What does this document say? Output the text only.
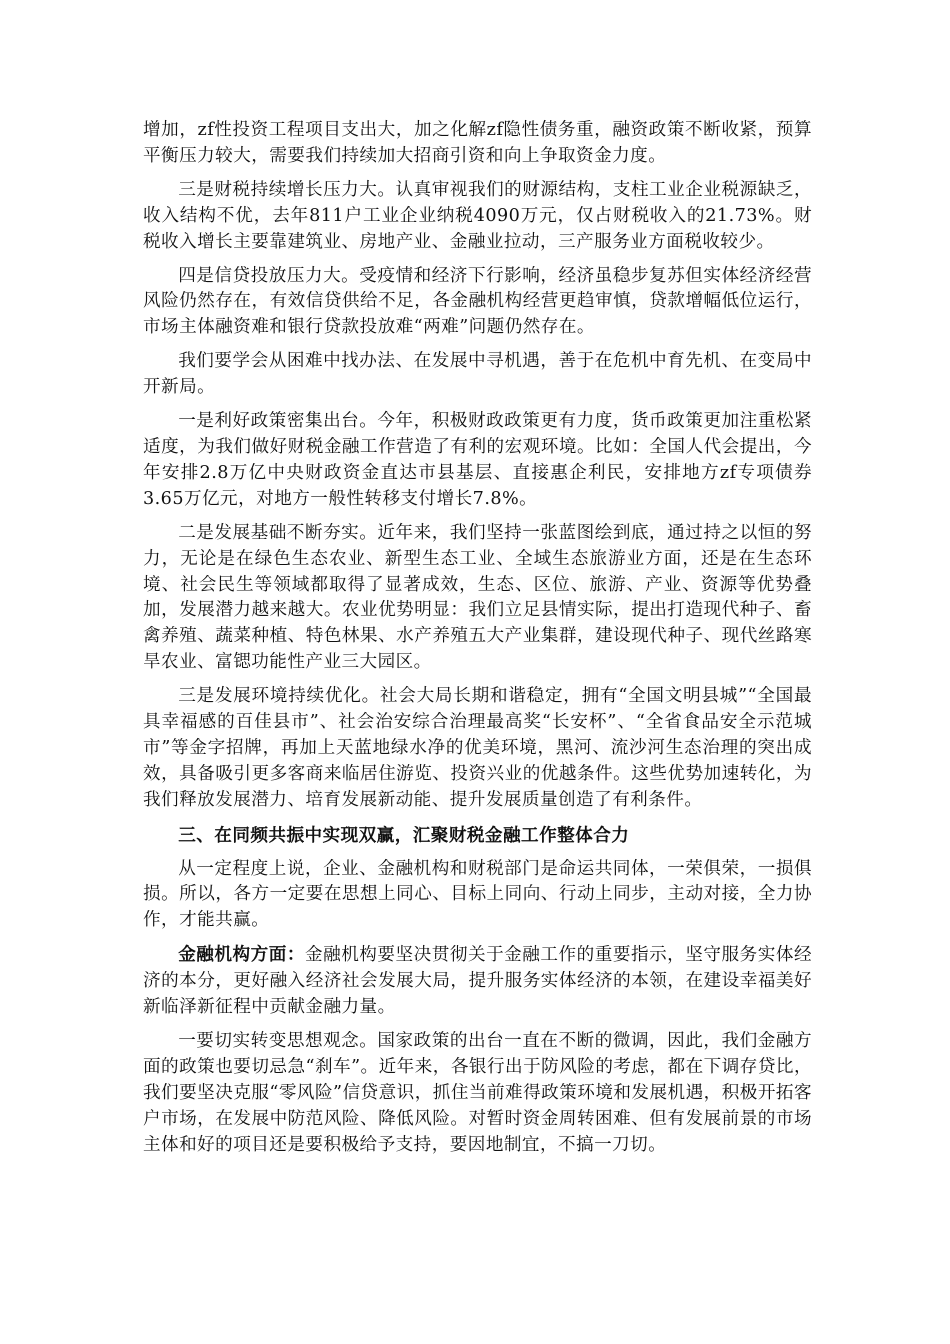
增加，zf性投资工程项目支出大，加之化解zf隐性债务重，融资政策不断收紧，预算平衡压力较大，需要我们持续加大招商引资和向上争取资金力度。

三是财税持续增长压力大。认真审视我们的财源结构，支柱工业企业税源缺乏，收入结构不优，去年811户工业企业纳税4090万元，仅占财税收入的21.73%。财税收入增长主要靠建筑业、房地产业、金融业拉动，三产服务业方面税收较少。

四是信贷投放压力大。受疫情和经济下行影响，经济虽稳步复苏但实体经济经营风险仍然存在，有效信贷供给不足，各金融机构经营更趋审慎，贷款增幅低位运行，市场主体融资难和银行贷款投放难“两难”问题仍然存在。

我们要学会从困难中找办法、在发展中寻机遇，善于在危机中育先机、在变局中开新局。

一是利好政策密集出台。今年，积极财政政策更有力度，货币政策更加注重松紧适度，为我们做好财税金融工作营造了有利的宏观环境。比如：全国人代会提出，今年安排2.8万亿中央财政资金直达市县基层、直接惠企利民，安排地方zf专项债券3.65万亿元，对地方一般性转移支付增长7.8%。

二是发展基础不断夯实。近年来，我们坚持一张蓝图绘到底，通过持之以恒的努力，无论是在绿色生态农业、新型生态工业、全域生态旅游业方面，还是在生态环境、社会民生等领域都取得了显著成效，生态、区位、旅游、产业、资源等优势叠加，发展潜力越来越大。农业优势明显：我们立足县情实际，提出打造现代种子、畜禽养殖、蔬菜种植、特色林果、水产养殖五大产业集群，建设现代种子、现代丝路寒旱农业、富锶功能性产业三大园区。

三是发展环境持续优化。社会大局长期和谐稳定，拥有“全国文明县城”“全国最具幸福感的百佳县市”、社会治安综合治理最高奖“长安杯”、“全省食品安全示范城市”等金字招牌，再加上天蓝地绿水净的优美环境，黑河、流沙河生态治理的突出成效，具备吸引更多客商来临居住游览、投资兴业的优越条件。这些优势加速转化，为我们释放发展潜力、培育发展新动能、提升发展质量创造了有利条件。

三、在同频共振中实现双赢，汇聚财税金融工作整体合力

从一定程度上说，企业、金融机构和财税部门是命运共同体，一荣俱荣，一损俱损。所以，各方一定要在思想上同心、目标上同向、行动上同步，主动对接，全力协作，才能共赢。

金融机构方面：金融机构要坚决贯彻关于金融工作的重要指示，坚守服务实体经济的本分，更好融入经济社会发展大局，提升服务实体经济的本领，在建设幸福美好新临泽新征程中贡献金融力量。

一要切实转变思想观念。国家政策的出台一直在不断的微调，因此，我们金融方面的政策也要切忌急“刹车”。近年来，各银行出于防风险的考虑，都在下调存贷比，我们要坚决克服“零风险”信贷意识，抓住当前难得政策环境和发展机遇，积极开拓客户市场，在发展中防范风险、降低风险。对暂时资金周转困难、但有发展前景的市场主体和好的项目还是要积极给予支持，要因地制宜，不搞一刀切。
